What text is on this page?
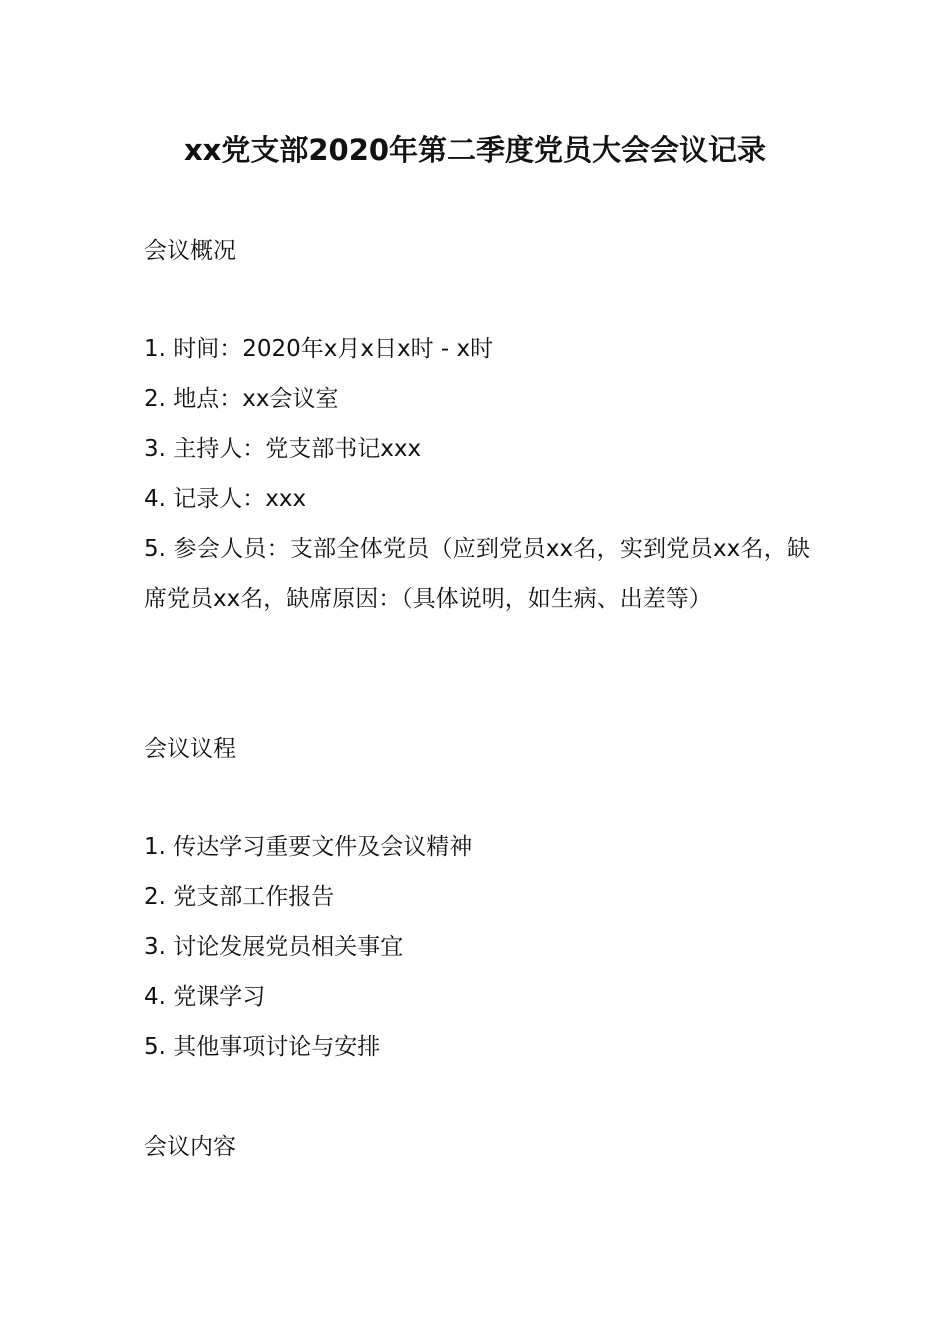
xx党支部2020年第二季度党员大会会议记录

会议概况

1. 时间：2020年x月x日x时 - x时

2. 地点：xx会议室

3. 主持人：党支部书记xxx

4. 记录人：xxx

5. 参会人员：支部全体党员（应到党员xx名，实到党员xx名，缺席党员xx名，缺席原因：（具体说明，如生病、出差等）

会议议程

1. 传达学习重要文件及会议精神

2. 党支部工作报告

3. 讨论发展党员相关事宜

4. 党课学习

5. 其他事项讨论与安排

会议内容
